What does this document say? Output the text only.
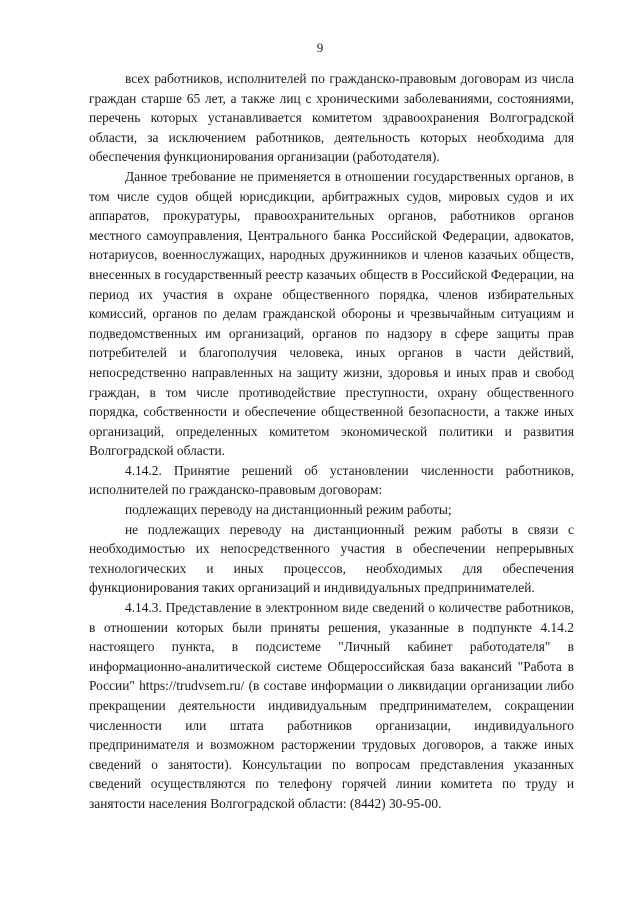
9

всех работников, исполнителей по гражданско-правовым договорам из числа граждан старше 65 лет, а также лиц с хроническими заболеваниями, состояниями, перечень которых устанавливается комитетом здравоохранения Волгоградской области, за исключением работников, деятельность которых необходима для обеспечения функционирования организации (работодателя).

Данное требование не применяется в отношении государственных органов, в том числе судов общей юрисдикции, арбитражных судов, мировых судов и их аппаратов, прокуратуры, правоохранительных органов, работников органов местного самоуправления, Центрального банка Российской Федерации, адвокатов, нотариусов, военнослужащих, народных дружинников и членов казачьих обществ, внесенных в государственный реестр казачьих обществ в Российской Федерации, на период их участия в охране общественного порядка, членов избирательных комиссий, органов по делам гражданской обороны и чрезвычайным ситуациям и подведомственных им организаций, органов по надзору в сфере защиты прав потребителей и благополучия человека, иных органов в части действий, непосредственно направленных на защиту жизни, здоровья и иных прав и свобод граждан, в том числе противодействие преступности, охрану общественного порядка, собственности и обеспечение общественной безопасности, а также иных организаций, определенных комитетом экономической политики и развития Волгоградской области.

4.14.2. Принятие решений об установлении численности работников, исполнителей по гражданско-правовым договорам:

подлежащих переводу на дистанционный режим работы;

не подлежащих переводу на дистанционный режим работы в связи с необходимостью их непосредственного участия в обеспечении непрерывных технологических и иных процессов, необходимых для обеспечения функционирования таких организаций и индивидуальных предпринимателей.

4.14.3. Представление в электронном виде сведений о количестве работников, в отношении которых были приняты решения, указанные в подпункте 4.14.2 настоящего пункта, в подсистеме "Личный кабинет работодателя" в информационно-аналитической системе Общероссийская база вакансий "Работа в России" https://trudvsem.ru/ (в составе информации о ликвидации организации либо прекращении деятельности индивидуальным предпринимателем, сокращении численности или штата работников организации, индивидуального предпринимателя и возможном расторжении трудовых договоров, а также иных сведений о занятости). Консультации по вопросам представления указанных сведений осуществляются по телефону горячей линии комитета по труду и занятости населения Волгоградской области: (8442) 30-95-00.
